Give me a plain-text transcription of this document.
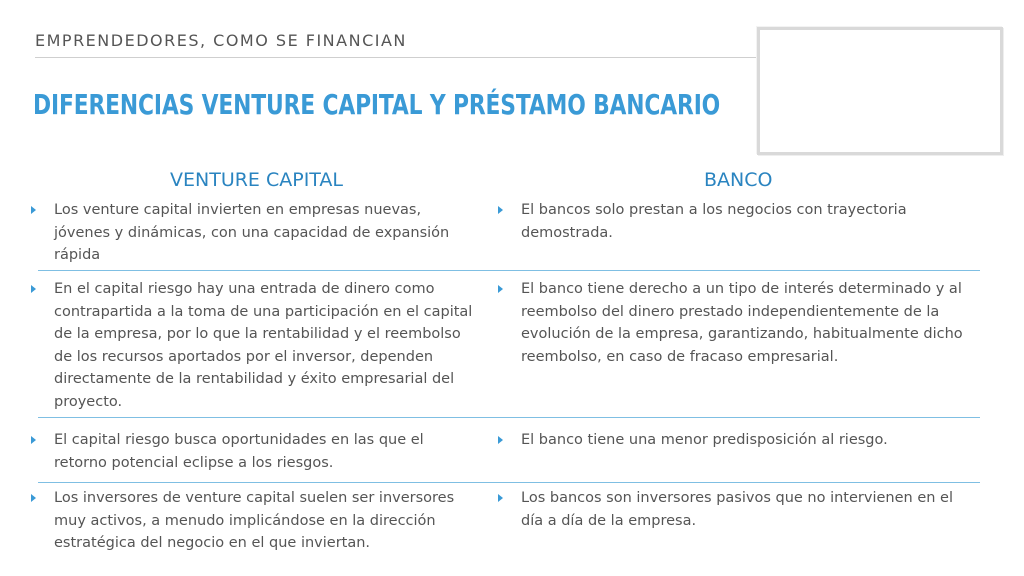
EMPRENDEDORES, COMO SE FINANCIAN
DIFERENCIAS VENTURE CAPITAL Y PRÉSTAMO BANCARIO
VENTURE CAPITAL	BANCO
Los venture capital invierten en empresas nuevas, jóvenes y dinámicas, con una capacidad de expansión rápida
El bancos solo prestan a los negocios con trayectoria demostrada.
En el capital riesgo hay una entrada de dinero como contrapartida a la toma de una participación en el capital de la empresa, por lo que la rentabilidad y el reembolso de los recursos aportados por el inversor, dependen directamente de la rentabilidad y éxito empresarial del proyecto.
El banco tiene derecho a un tipo de interés determinado y al reembolso del dinero prestado independientemente de la evolución de la empresa, garantizando, habitualmente dicho reembolso, en caso de fracaso empresarial.
El capital riesgo busca oportunidades en las que el retorno potencial eclipse a los riesgos.
El banco tiene una menor predisposición al riesgo.
Los inversores de venture capital suelen ser inversores muy activos, a menudo implicándose en la dirección estratégica del negocio en el que inviertan.
Los bancos son inversores pasivos que no intervienen en el día a día de la empresa.
